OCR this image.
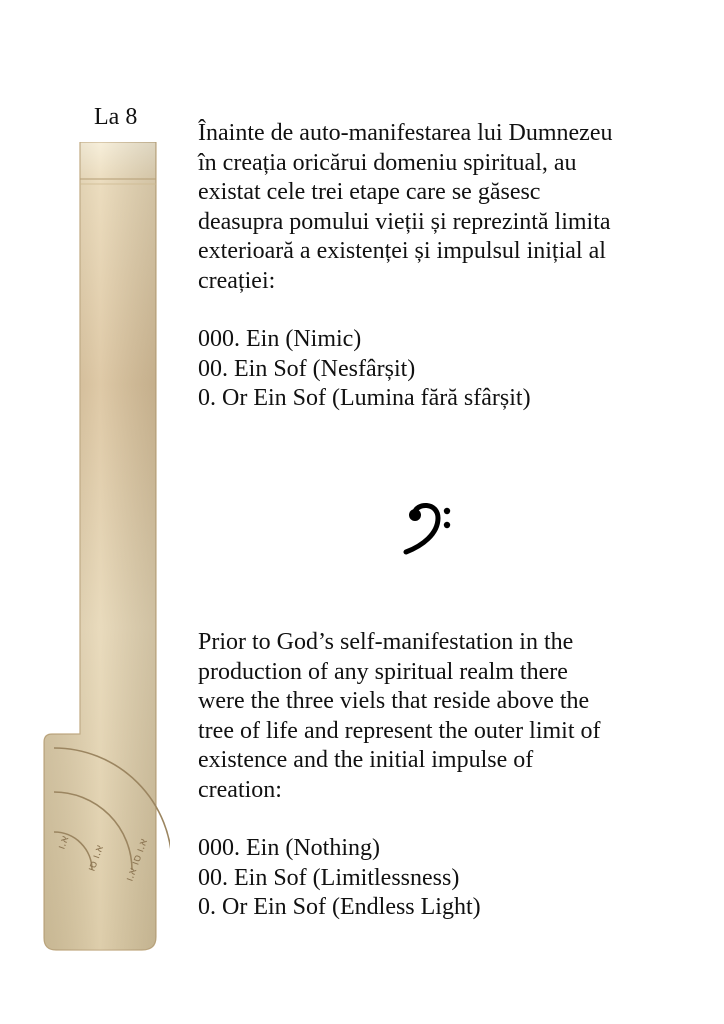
La 8
א.ו
א.ו סו א.ו סו א.ו

Înainte de auto-manifestarea lui Dumnezeu

în creația oricărui domeniu spiritual, au

existat cele trei etape care se găsesc

deasupra pomului vieții și reprezintă limita

exterioară a existenței și impulsul inițial al

creației:

000. Ein (Nimic)

00. Ein Sof (Nesfârșit)

0. Or Ein Sof (Lumina fără sfârșit)

Prior to God’s self-manifestation in the

production of any spiritual realm there

were the three viels that reside above the

tree of life and represent the outer limit of

existence and the initial impulse of

creation:

000. Ein (Nothing)

00. Ein Sof (Limitlessness)

0. Or Ein Sof (Endless Light)
